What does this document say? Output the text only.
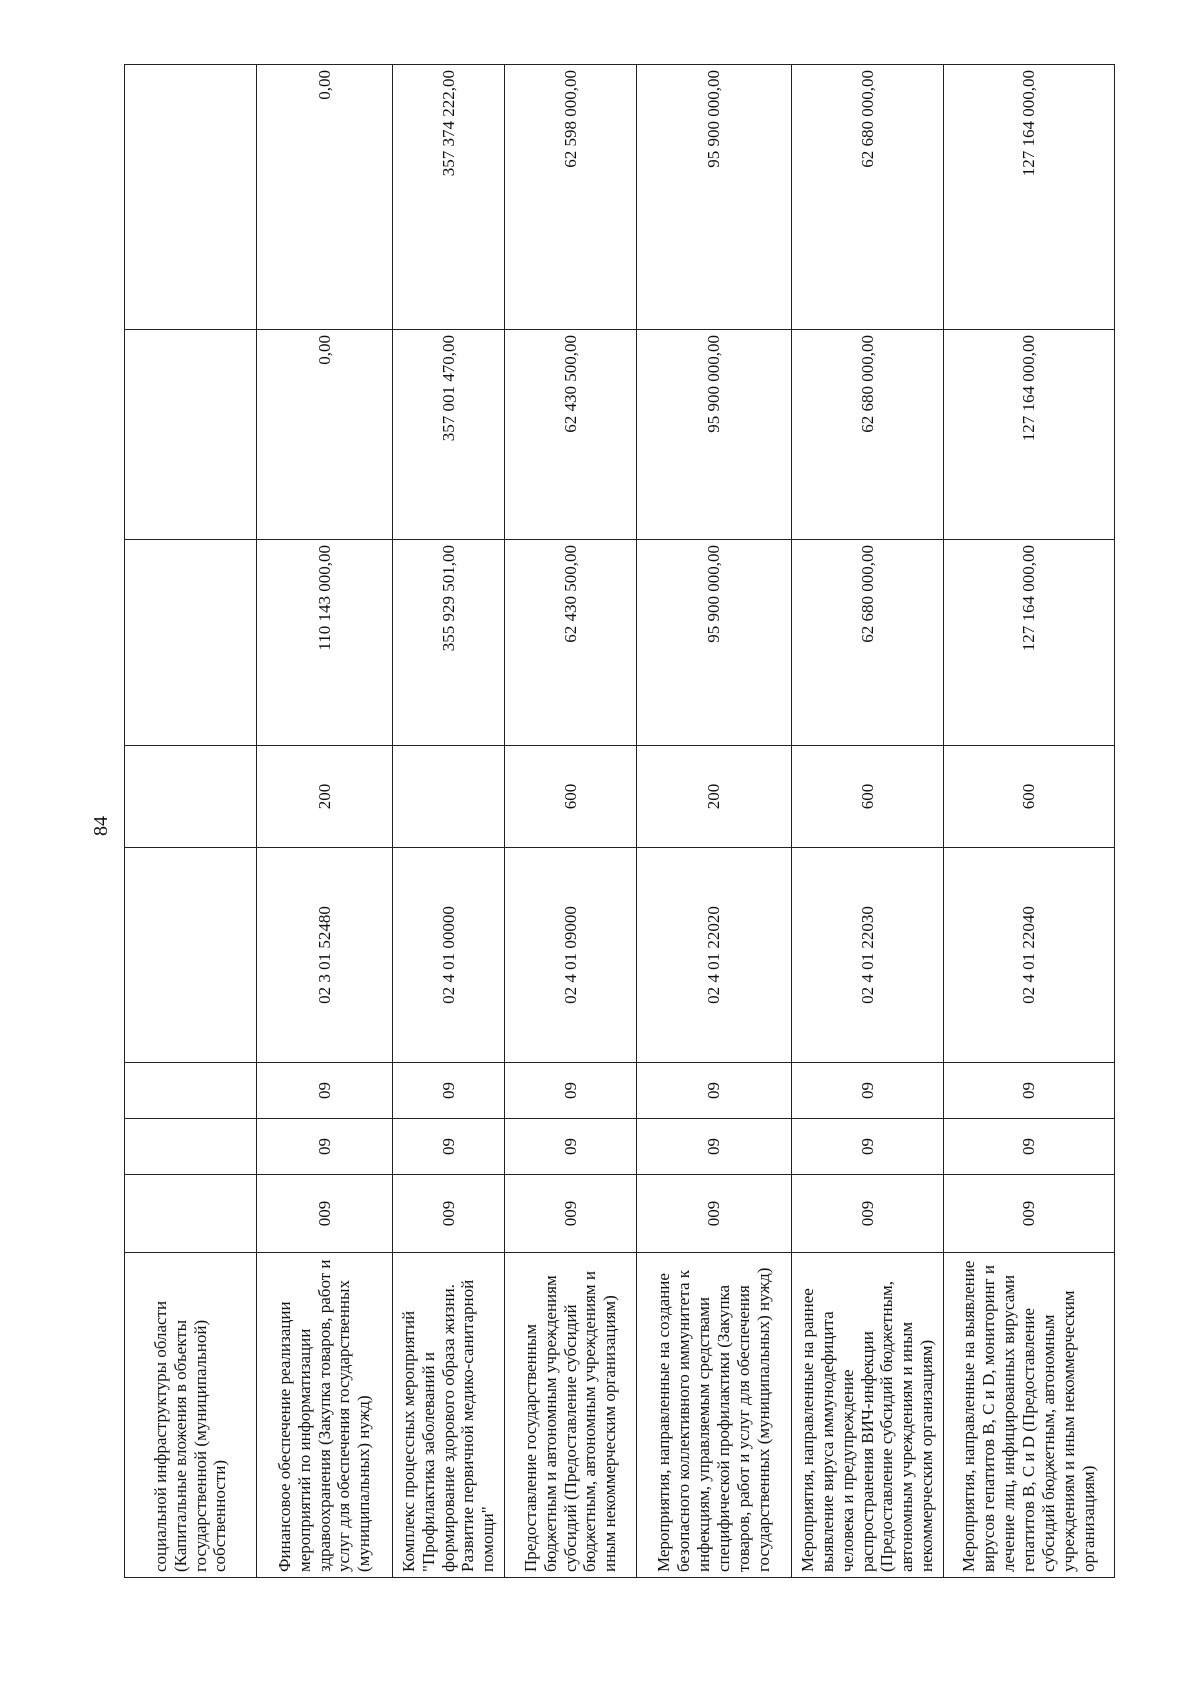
84
социальной инфраструктуры области (Капитальные вложения в объекты государственной (муниципальной) собственности)								
Финансовое обеспечение реализации мероприятий по информатизации здравоохранения (Закупка товаров, работ и услуг для обеспечения государственных (муниципальных) нужд)	009	09	09	02 3 01 52480	200	110 143 000,00	0,00	0,00
Комплекс процессных мероприятий "Профилактика заболеваний и формирование здорового образа жизни. Развитие первичной медико-санитарной помощи"	009	09	09	02 4 01 00000		355 929 501,00	357 001 470,00	357 374 222,00
Предоставление государственным бюджетным и автономным учреждениям субсидий (Предоставление субсидий бюджетным, автономным учреждениям и иным некоммерческим организациям)	009	09	09	02 4 01 09000	600	62 430 500,00	62 430 500,00	62 598 000,00
Мероприятия, направленные на создание безопасного коллективного иммунитета к инфекциям, управляемым средствами специфической профилактики (Закупка товаров, работ и услуг для обеспечения государственных (муниципальных) нужд)	009	09	09	02 4 01 22020	200	95 900 000,00	95 900 000,00	95 900 000,00
Мероприятия, направленные на раннее выявление вируса иммунодефицита человека и предупреждение распространения ВИЧ-инфекции (Предоставление субсидий бюджетным, автономным учреждениям и иным некоммерческим организациям)	009	09	09	02 4 01 22030	600	62 680 000,00	62 680 000,00	62 680 000,00
Мероприятия, направленные на выявление вирусов гепатитов B, C и D, мониторинг и лечение лиц, инфицированных вирусами гепатитов B, C и D (Предоставление субсидий бюджетным, автономным учреждениям и иным некоммерческим организациям)	009	09	09	02 4 01 22040	600	127 164 000,00	127 164 000,00	127 164 000,00
